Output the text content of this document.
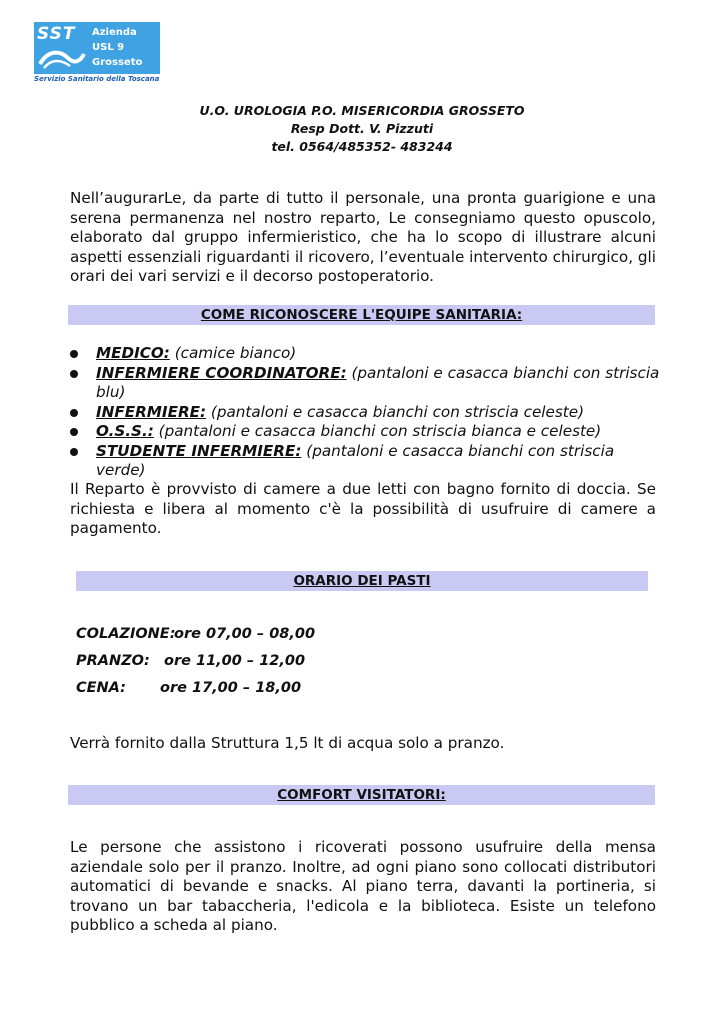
SST Azienda
USL 9
Grosseto
Servizio Sanitario della Toscana
U.O. UROLOGIA P.O. MISERICORDIA GROSSETO
Resp Dott. V. Pizzuti
tel. 0564/485352- 483244
Nell’augurarLe, da parte di tutto il personale, una pronta guarigione e una serena permanenza nel nostro reparto, Le consegniamo questo opuscolo, elaborato dal gruppo infermieristico, che ha lo scopo di illustrare alcuni aspetti essenziali riguardanti il ricovero, l’eventuale intervento chirurgico, gli orari dei vari servizi e il decorso postoperatorio.
COME RICONOSCERE L'EQUIPE SANITARIA:
MEDICO: (camice bianco)
INFERMIERE COORDINATORE: (pantaloni e casacca bianchi con striscia blu)
INFERMIERE: (pantaloni e casacca bianchi con striscia celeste)
O.S.S.: (pantaloni e casacca bianchi con striscia bianca e celeste)
STUDENTE INFERMIERE: (pantaloni e casacca bianchi con striscia verde)
Il Reparto è provvisto di camere a due letti con bagno fornito di doccia. Se richiesta e libera al momento c'è la possibilità di usufruire di camere a pagamento.
ORARIO DEI PASTI
COLAZIONE:
ore 07,00 – 08,00
PRANZO: ore 11,00 – 12,00
CENA: ore 17,00 – 18,00
Verrà fornito dalla Struttura 1,5 lt di acqua solo a pranzo.
COMFORT VISITATORI:
Le persone che assistono i ricoverati possono usufruire della mensa aziendale solo per il pranzo. Inoltre, ad ogni piano sono collocati distributori automatici di bevande e snacks. Al piano terra, davanti la portineria, si trovano un bar tabaccheria, l'edicola e la biblioteca. Esiste un telefono pubblico a scheda al piano.
